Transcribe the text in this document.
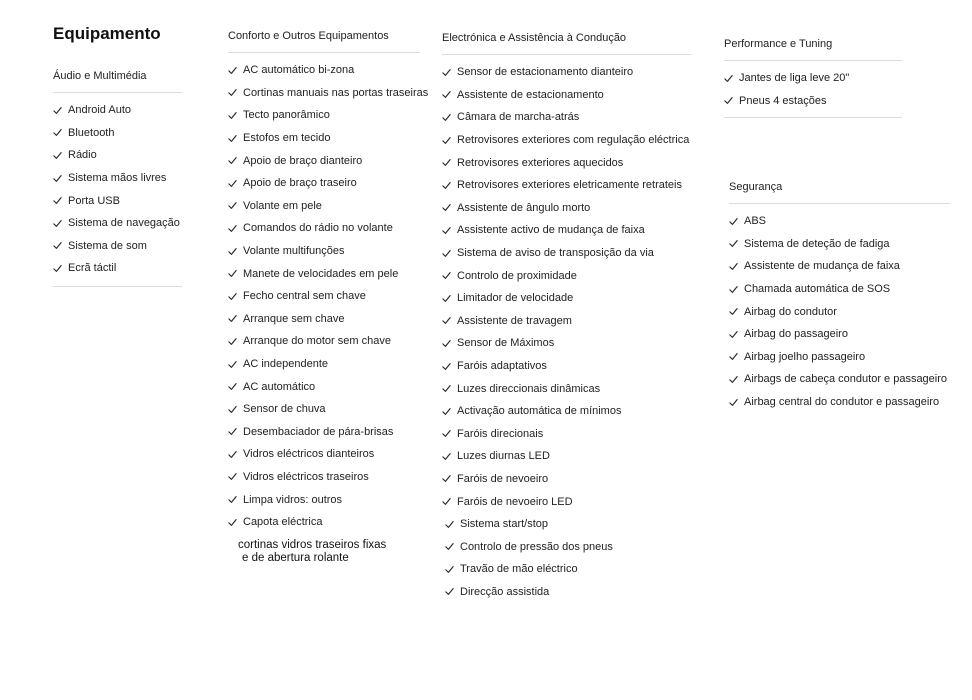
Equipamento
Áudio e Multimédia
Android Auto
Bluetooth
Rádio
Sistema mãos livres
Porta USB
Sistema de navegação
Sistema de som
Ecrã táctil
Conforto e Outros Equipamentos
AC automático bi-zona
Cortinas manuais nas portas traseiras
Tecto panorâmico
Estofos em tecido
Apoio de braço dianteiro
Apoio de braço traseiro
Volante em pele
Comandos do rádio no volante
Volante multifunções
Manete de velocidades em pele
Fecho central sem chave
Arranque sem chave
Arranque do motor sem chave
AC independente
AC automático
Sensor de chuva
Desembaciador de pára-brisas
Vidros eléctricos dianteiros
Vidros eléctricos traseiros
Limpa vidros: outros
Capota eléctrica
cortinas vidros traseiros fixas
e de abertura rolante
Electrónica e Assistência à Condução
Sensor de estacionamento dianteiro
Assistente de estacionamento
Câmara de marcha-atrás
Retrovisores exteriores com regulação eléctrica
Retrovisores exteriores aquecidos
Retrovisores exteriores eletricamente retrateis
Assistente de ângulo morto
Assistente activo de mudança de faixa
Sistema de aviso de transposição da via
Controlo de proximidade
Limitador de velocidade
Assistente de travagem
Sensor de Máximos
Faróis adaptativos
Luzes direccionais dinâmicas
Activação automática de mínimos
Faróis direcionais
Luzes diurnas LED
Faróis de nevoeiro
Faróis de nevoeiro LED
Sistema start/stop
Controlo de pressão dos pneus
Travão de mão eléctrico
Direcção assistida
Performance e Tuning
Jantes de liga leve 20"
Pneus 4 estações
Segurança
ABS
Sistema de deteção de fadiga
Assistente de mudança de faixa
Chamada automática de SOS
Airbag do condutor
Airbag do passageiro
Airbag joelho passageiro
Airbags de cabeça condutor e passageiro
Airbag central do condutor e passageiro
